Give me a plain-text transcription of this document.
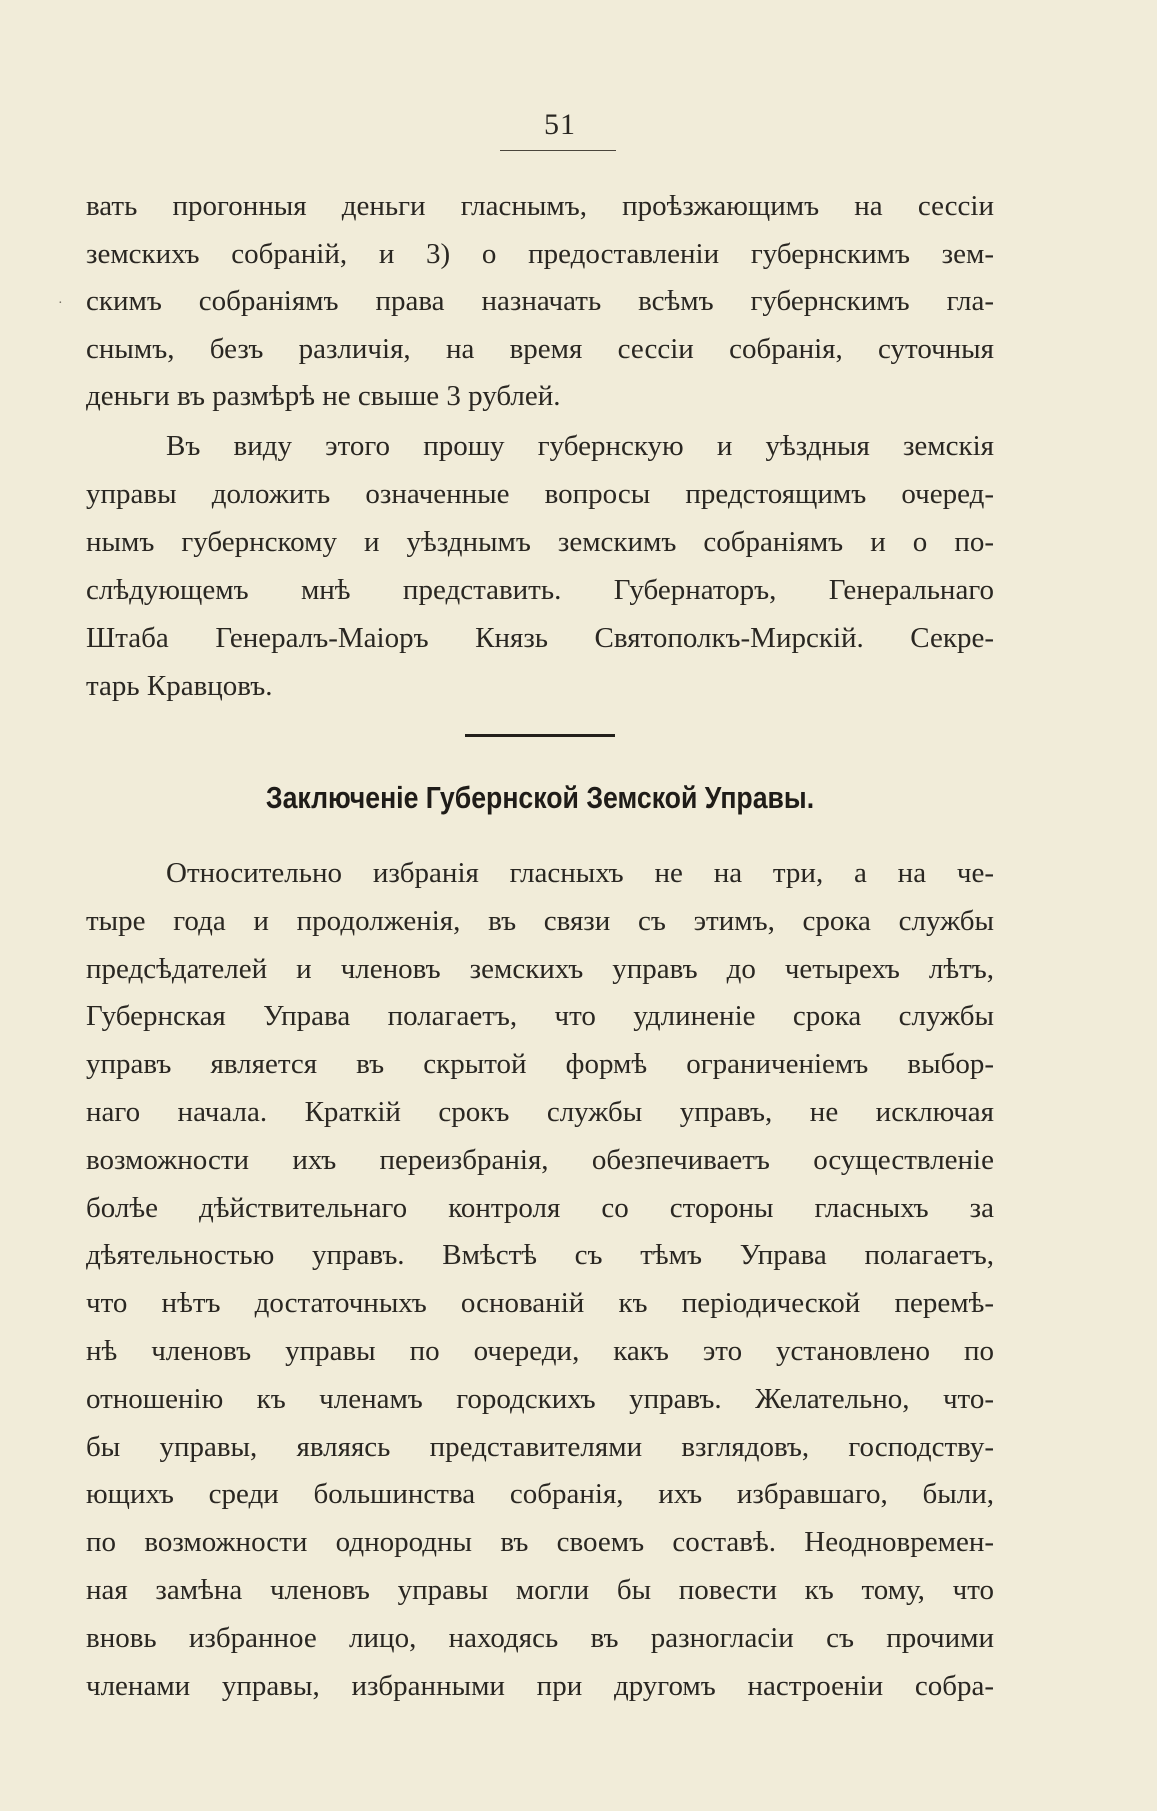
51
·
вать прогонныя деньги гласнымъ, проѣзжающимъ на сессіи
земскихъ собраній, и 3) о предоставленіи губернскимъ зем-
скимъ собраніямъ права назначать всѣмъ губернскимъ гла-
снымъ, безъ различія, на время сессіи собранія, суточныя
деньги въ размѣрѣ не свыше 3 рублей.
Въ виду этого прошу губернскую и уѣздныя земскія
управы доложить означенные вопросы предстоящимъ очеред-
нымъ губернскому и уѣзднымъ земскимъ собраніямъ и о по-
слѣдующемъ мнѣ представить. Губернаторъ, Генеральнаго
Штаба Генералъ-Маіоръ Князь Святополкъ-Мирскій. Секре-
тарь Кравцовъ.
Заключеніе Губернской Земской Управы.
Относительно избранія гласныхъ не на три, а на че-
тыре года и продолженія, въ связи съ этимъ, срока службы
предсѣдателей и членовъ земскихъ управъ до четырехъ лѣтъ,
Губернская Управа полагаетъ, что удлиненіе срока службы
управъ является въ скрытой формѣ ограниченіемъ выбор-
наго начала. Краткій срокъ службы управъ, не исключая
возможности ихъ переизбранія, обезпечиваетъ осуществленіе
болѣе дѣйствительнаго контроля со стороны гласныхъ за
дѣятельностью управъ. Вмѣстѣ съ тѣмъ Управа полагаетъ,
что нѣтъ достаточныхъ основаній къ періодической перемѣ-
нѣ членовъ управы по очереди, какъ это установлено по
отношенію къ членамъ городскихъ управъ. Желательно, что-
бы управы, являясь представителями взглядовъ, господству-
ющихъ среди большинства собранія, ихъ избравшаго, были,
по возможности однородны въ своемъ составѣ. Неодновремен-
ная замѣна членовъ управы могли бы повести къ тому, что
вновь избранное лицо, находясь въ разногласіи съ прочими
членами управы, избранными при другомъ настроеніи собра-
